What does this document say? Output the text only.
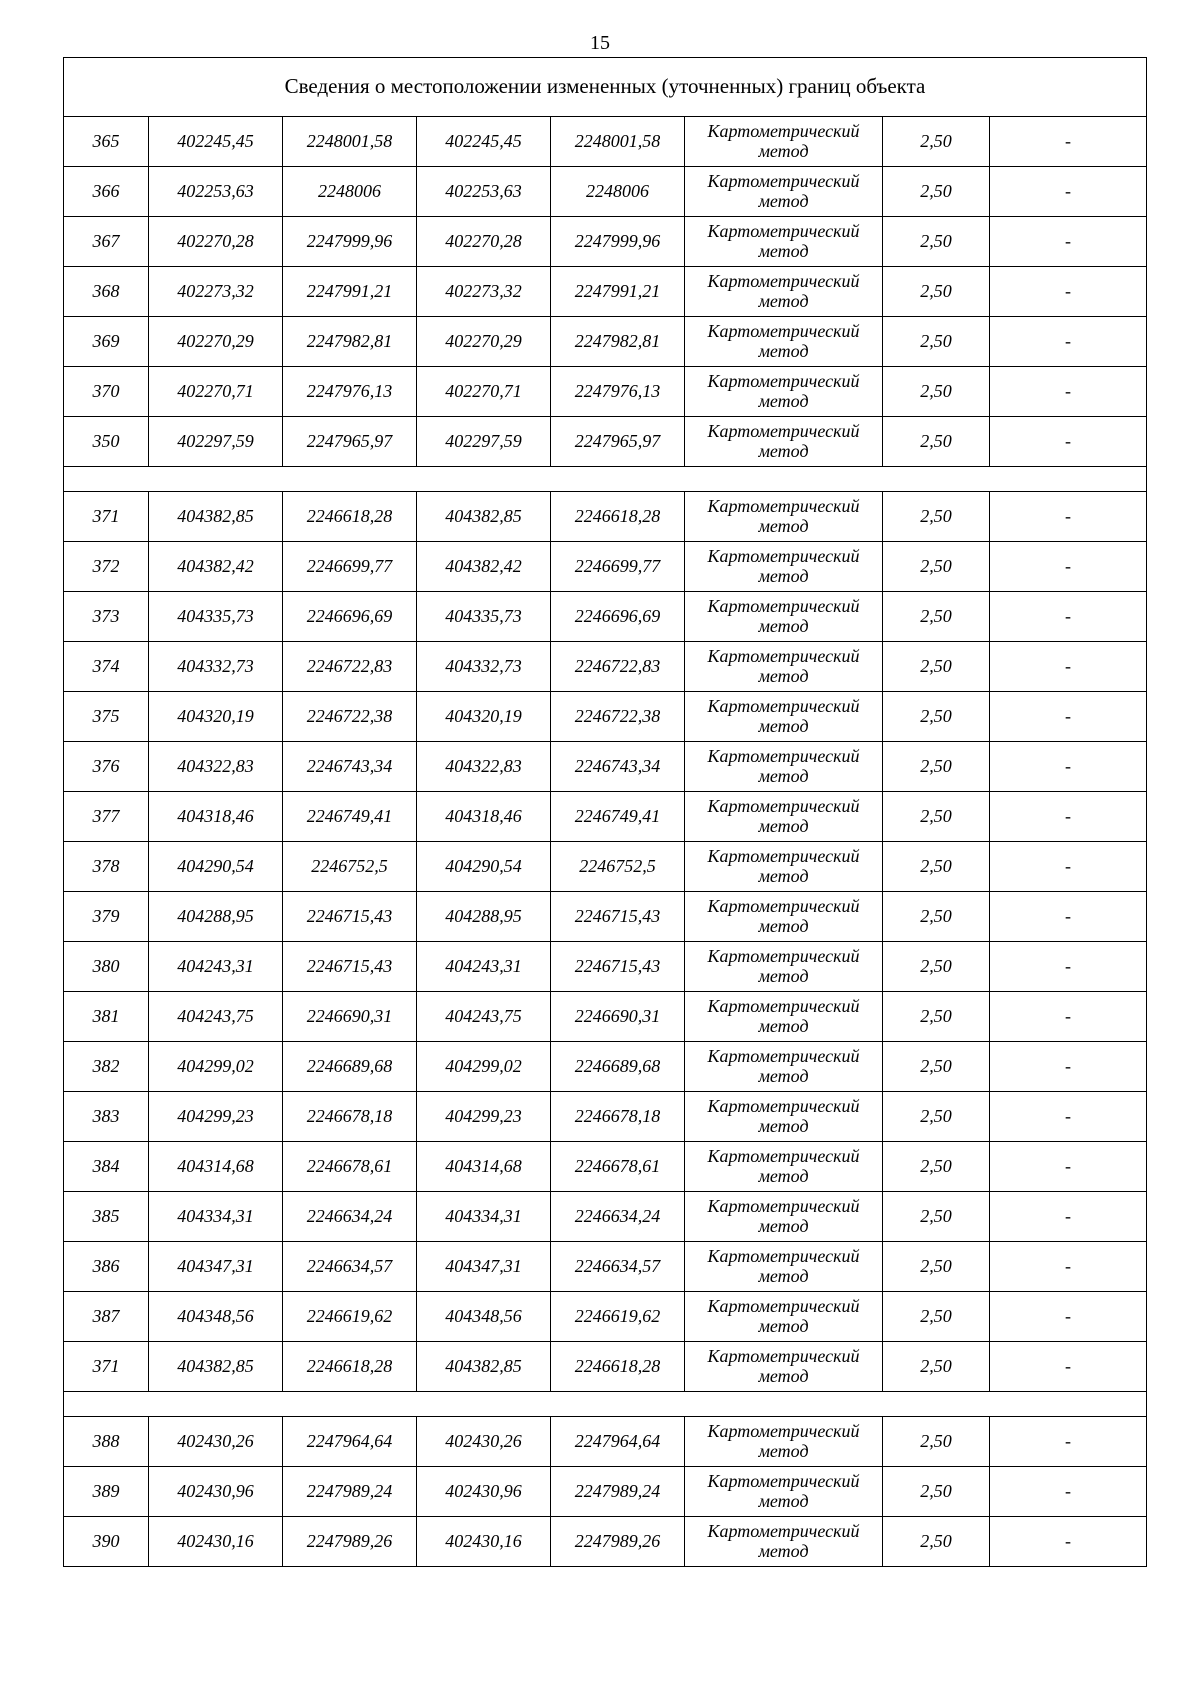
15
Сведения о местоположении измененных (уточненных) границ объекта							
365	402245,45	2248001,58	402245,45	2248001,58	Картометрический метод	2,50	-
366	402253,63	2248006	402253,63	2248006	Картометрический метод	2,50	-
367	402270,28	2247999,96	402270,28	2247999,96	Картометрический метод	2,50	-
368	402273,32	2247991,21	402273,32	2247991,21	Картометрический метод	2,50	-
369	402270,29	2247982,81	402270,29	2247982,81	Картометрический метод	2,50	-
370	402270,71	2247976,13	402270,71	2247976,13	Картометрический метод	2,50	-
350	402297,59	2247965,97	402297,59	2247965,97	Картометрический метод	2,50	-

371	404382,85	2246618,28	404382,85	2246618,28	Картометрический метод	2,50	-
372	404382,42	2246699,77	404382,42	2246699,77	Картометрический метод	2,50	-
373	404335,73	2246696,69	404335,73	2246696,69	Картометрический метод	2,50	-
374	404332,73	2246722,83	404332,73	2246722,83	Картометрический метод	2,50	-
375	404320,19	2246722,38	404320,19	2246722,38	Картометрический метод	2,50	-
376	404322,83	2246743,34	404322,83	2246743,34	Картометрический метод	2,50	-
377	404318,46	2246749,41	404318,46	2246749,41	Картометрический метод	2,50	-
378	404290,54	2246752,5	404290,54	2246752,5	Картометрический метод	2,50	-
379	404288,95	2246715,43	404288,95	2246715,43	Картометрический метод	2,50	-
380	404243,31	2246715,43	404243,31	2246715,43	Картометрический метод	2,50	-
381	404243,75	2246690,31	404243,75	2246690,31	Картометрический метод	2,50	-
382	404299,02	2246689,68	404299,02	2246689,68	Картометрический метод	2,50	-
383	404299,23	2246678,18	404299,23	2246678,18	Картометрический метод	2,50	-
384	404314,68	2246678,61	404314,68	2246678,61	Картометрический метод	2,50	-
385	404334,31	2246634,24	404334,31	2246634,24	Картометрический метод	2,50	-
386	404347,31	2246634,57	404347,31	2246634,57	Картометрический метод	2,50	-
387	404348,56	2246619,62	404348,56	2246619,62	Картометрический метод	2,50	-
371	404382,85	2246618,28	404382,85	2246618,28	Картометрический метод	2,50	-

388	402430,26	2247964,64	402430,26	2247964,64	Картометрический метод	2,50	-
389	402430,96	2247989,24	402430,96	2247989,24	Картометрический метод	2,50	-
390	402430,16	2247989,26	402430,16	2247989,26	Картометрический метод	2,50	-
